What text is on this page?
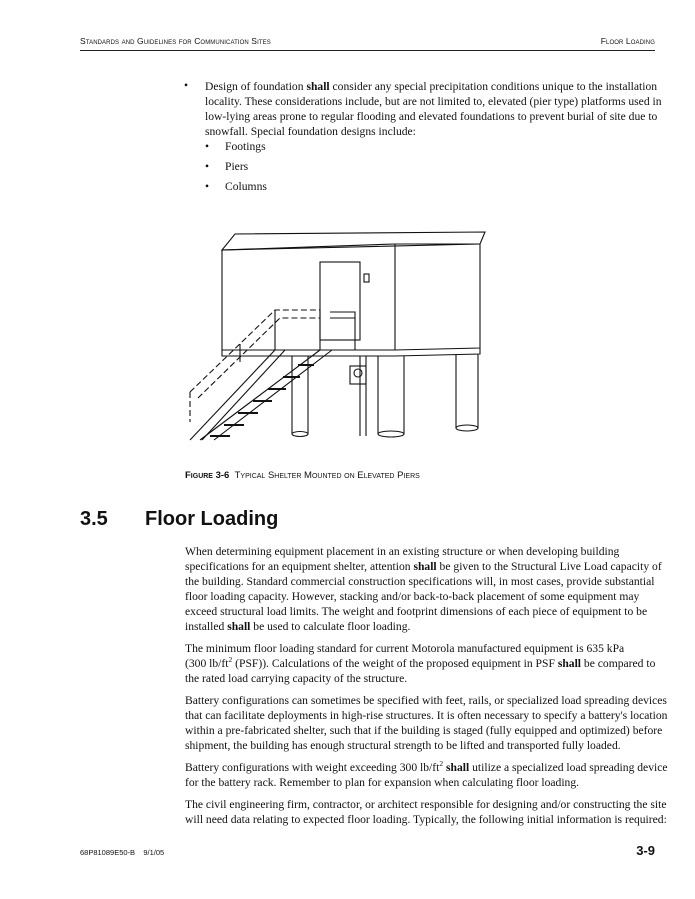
Standards and Guidelines for Communication Sites	Floor Loading
• Design of foundation shall consider any special precipitation conditions unique to the installation
locality. These considerations include, but are not limited to, elevated (pier type) platforms used in
low-lying areas prone to regular flooding and elevated foundations to prevent burial of site due to
snowfall. Special foundation designs include:
• Footings
• Piers
• Columns
Figure 3-6 Typical Shelter Mounted on Elevated Piers
3.5 Floor Loading
When determining equipment placement in an existing structure or when developing building
specifications for an equipment shelter, attention shall be given to the Structural Live Load capacity of
the building. Standard commercial construction specifications will, in most cases, provide substantial
floor loading capacity. However, stacking and/or back-to-back placement of some equipment may
exceed structural load limits. The weight and footprint dimensions of each piece of equipment to be
installed shall be used to calculate floor loading.
The minimum floor loading standard for current Motorola manufactured equipment is 635 kPa
(300 $lb/ft^2$ (PSF)). Calculations of the weight of the proposed equipment in PSF shall be compared to
the rated load carrying capacity of the structure.
Battery configurations can sometimes be specified with feet, rails, or specialized load spreading devices
that can facilitate deployments in high-rise structures. It is often necessary to specify a battery's location
within a pre-fabricated shelter, such that if the building is staged (fully equipped and optimized) before
shipment, the building has enough structural strength to be lifted and transported fully loaded.
Battery configurations with weight exceeding 300 $lb/ft^2$ shall utilize a specialized load spreading device
for the battery rack. Remember to plan for expansion when calculating floor loading.
The civil engineering firm, contractor, or architect responsible for designing and/or constructing the site
will need data relating to expected floor loading. Typically, the following initial information is required:
68P81089E50-B    9/1/05	3-9
